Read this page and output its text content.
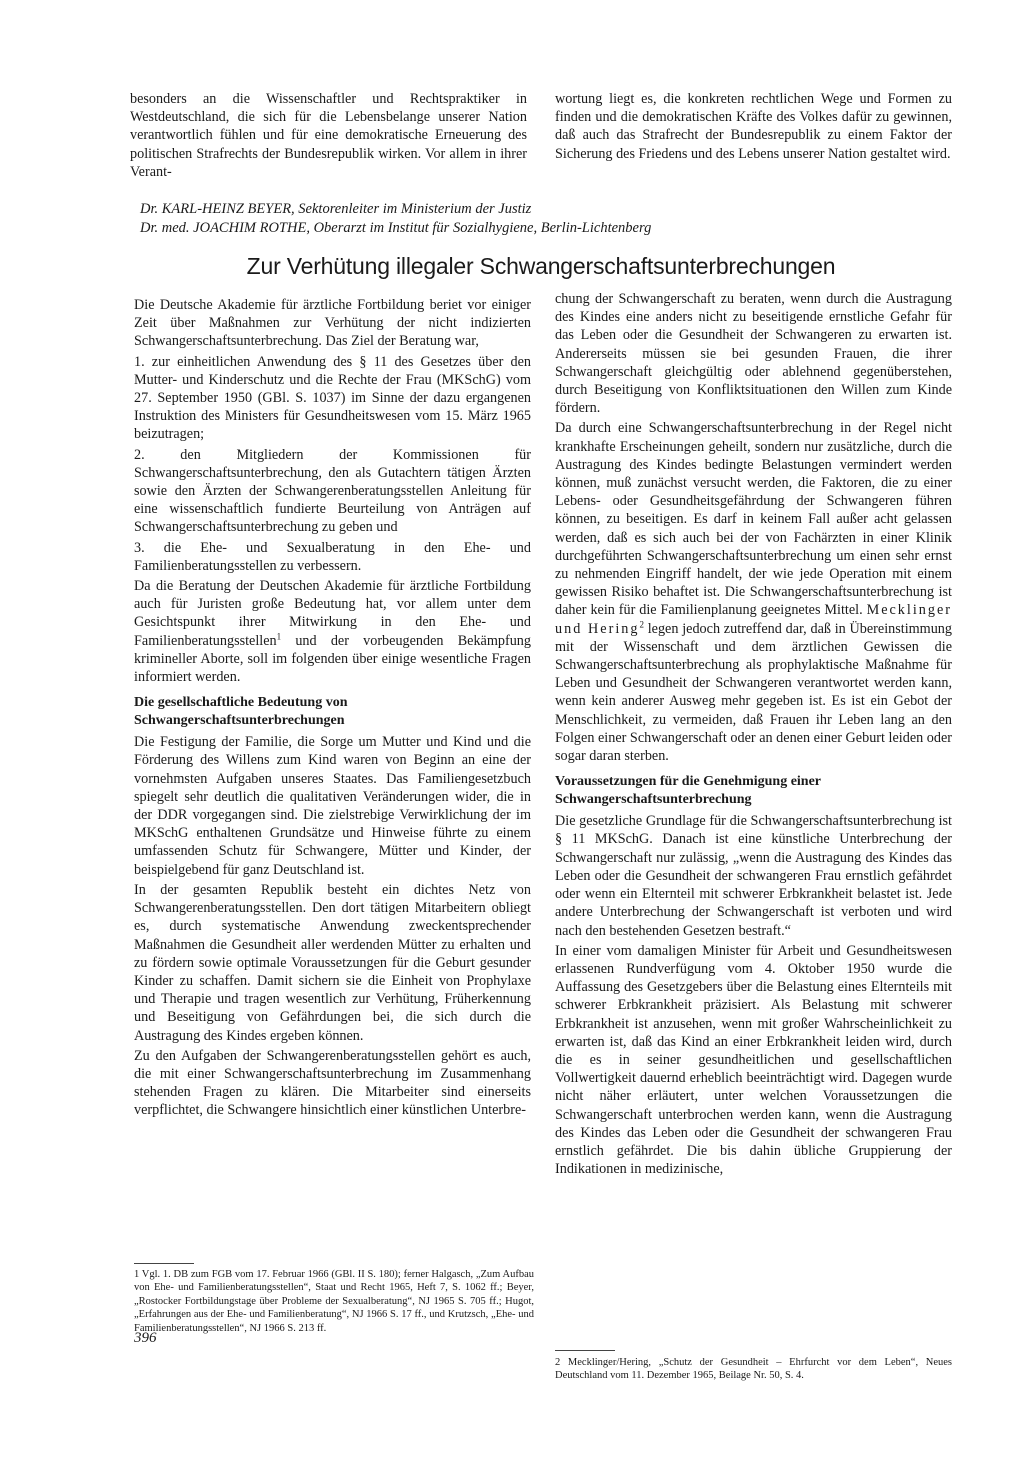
besonders an die Wissenschaftler und Rechtspraktiker in Westdeutschland, die sich für die Lebensbelange unserer Nation verantwortlich fühlen und für eine demokratische Erneuerung des politischen Strafrechts der Bundesrepublik wirken. Vor allem in ihrer Verant-

wortung liegt es, die konkreten rechtlichen Wege und Formen zu finden und die demokratischen Kräfte des Volkes dafür zu gewinnen, daß auch das Strafrecht der Bundesrepublik zu einem Faktor der Sicherung des Friedens und des Lebens unserer Nation gestaltet wird.

Dr. KARL-HEINZ BEYER, Sektorenleiter im Ministerium der Justiz
Dr. med. JOACHIM ROTHE, Oberarzt im Institut für Sozialhygiene, Berlin-Lichtenberg
Zur Verhütung illegaler Schwangerschaftsunterbrechungen

Die Deutsche Akademie für ärztliche Fortbildung beriet vor einiger Zeit über Maßnahmen zur Verhütung der nicht indizierten Schwangerschaftsunterbrechung. Das Ziel der Beratung war,

1. zur einheitlichen Anwendung des § 11 des Gesetzes über den Mutter- und Kinderschutz und die Rechte der Frau (MKSchG) vom 27. September 1950 (GBl. S. 1037) im Sinne der dazu ergangenen Instruktion des Ministers für Gesundheitswesen vom 15. März 1965 beizutragen;

2. den Mitgliedern der Kommissionen für Schwangerschaftsunterbrechung, den als Gutachtern tätigen Ärzten sowie den Ärzten der Schwangerenberatungsstellen Anleitung für eine wissenschaftlich fundierte Beurteilung von Anträgen auf Schwangerschaftsunterbrechung zu geben und

3. die Ehe- und Sexualberatung in den Ehe- und Familienberatungsstellen zu verbessern.

Da die Beratung der Deutschen Akademie für ärztliche Fortbildung auch für Juristen große Bedeutung hat, vor allem unter dem Gesichtspunkt ihrer Mitwirkung in den Ehe- und Familienberatungsstellen$^1$ und der vorbeugenden Bekämpfung krimineller Aborte, soll im folgenden über einige wesentliche Fragen informiert werden.

Die gesellschaftliche Bedeutung von Schwangerschaftsunterbrechungen

Die Festigung der Familie, die Sorge um Mutter und Kind und die Förderung des Willens zum Kind waren von Beginn an eine der vornehmsten Aufgaben unseres Staates. Das Familiengesetzbuch spiegelt sehr deutlich die qualitativen Veränderungen wider, die in der DDR vorgegangen sind. Die zielstrebige Verwirklichung der im MKSchG enthaltenen Grundsätze und Hinweise führte zu einem umfassenden Schutz für Schwangere, Mütter und Kinder, der beispielgebend für ganz Deutschland ist.

In der gesamten Republik besteht ein dichtes Netz von Schwangerenberatungsstellen. Den dort tätigen Mitarbeitern obliegt es, durch systematische Anwendung zweckentsprechender Maßnahmen die Gesundheit aller werdenden Mütter zu erhalten und zu fördern sowie optimale Voraussetzungen für die Geburt gesunder Kinder zu schaffen. Damit sichern sie die Einheit von Prophylaxe und Therapie und tragen wesentlich zur Verhütung, Früherkennung und Beseitigung von Gefährdungen bei, die sich durch die Austragung des Kindes ergeben können.

Zu den Aufgaben der Schwangerenberatungsstellen gehört es auch, die mit einer Schwangerschaftsunterbrechung im Zusammenhang stehenden Fragen zu klären. Die Mitarbeiter sind einerseits verpflichtet, die Schwangere hinsichtlich einer künstlichen Unterbre-

chung der Schwangerschaft zu beraten, wenn durch die Austragung des Kindes eine anders nicht zu beseitigende ernstliche Gefahr für das Leben oder die Gesundheit der Schwangeren zu erwarten ist. Andererseits müssen sie bei gesunden Frauen, die ihrer Schwangerschaft gleichgültig oder ablehnend gegenüberstehen, durch Beseitigung von Konfliktsituationen den Willen zum Kinde fördern.

Da durch eine Schwangerschaftsunterbrechung in der Regel nicht krankhafte Erscheinungen geheilt, sondern nur zusätzliche, durch die Austragung des Kindes bedingte Belastungen vermindert werden können, muß zunächst versucht werden, die Faktoren, die zu einer Lebens- oder Gesundheitsgefährdung der Schwangeren führen können, zu beseitigen. Es darf in keinem Fall außer acht gelassen werden, daß es sich auch bei der von Fachärzten in einer Klinik durchgeführten Schwangerschaftsunterbrechung um einen sehr ernst zu nehmenden Eingriff handelt, der wie jede Operation mit einem gewissen Risiko behaftet ist. Die Schwangerschaftsunterbrechung ist daher kein für die Familienplanung geeignetes Mittel. Mecklinger und Hering$^2$ legen jedoch zutreffend dar, daß in Übereinstimmung mit der Wissenschaft und dem ärztlichen Gewissen die Schwangerschaftsunterbrechung als prophylaktische Maßnahme für Leben und Gesundheit der Schwangeren verantwortet werden kann, wenn kein anderer Ausweg mehr gegeben ist. Es ist ein Gebot der Menschlichkeit, zu vermeiden, daß Frauen ihr Leben lang an den Folgen einer Schwangerschaft oder an denen einer Geburt leiden oder sogar daran sterben.

Voraussetzungen für die Genehmigung einer Schwangerschaftsunterbrechung

Die gesetzliche Grundlage für die Schwangerschaftsunterbrechung ist § 11 MKSchG. Danach ist eine künstliche Unterbrechung der Schwangerschaft nur zulässig, „wenn die Austragung des Kindes das Leben oder die Gesundheit der schwangeren Frau ernstlich gefährdet oder wenn ein Elternteil mit schwerer Erbkrankheit belastet ist. Jede andere Unterbrechung der Schwangerschaft ist verboten und wird nach den bestehenden Gesetzen bestraft.“

In einer vom damaligen Minister für Arbeit und Gesundheitswesen erlassenen Rundverfügung vom 4. Oktober 1950 wurde die Auffassung des Gesetzgebers über die Belastung eines Elternteils mit schwerer Erbkrankheit präzisiert. Als Belastung mit schwerer Erbkrankheit ist anzusehen, wenn mit großer Wahrscheinlichkeit zu erwarten ist, daß das Kind an einer Erbkrankheit leiden wird, durch die es in seiner gesundheitlichen und gesellschaftlichen Vollwertigkeit dauernd erheblich beeinträchtigt wird. Dagegen wurde nicht näher erläutert, unter welchen Voraussetzungen die Schwangerschaft unterbrochen werden kann, wenn die Austragung des Kindes das Leben oder die Gesundheit der schwangeren Frau ernstlich gefährdet. Die bis dahin übliche Gruppierung der Indikationen in medizinische,

1 Vgl. 1. DB zum FGB vom 17. Februar 1966 (GBl. II S. 180); ferner Halgasch, „Zum Aufbau von Ehe- und Familienberatungsstellen“, Staat und Recht 1965, Heft 7, S. 1062 ff.; Beyer, „Rostocker Fortbildungstage über Probleme der Sexualberatung“, NJ 1965 S. 705 ff.; Hugot, „Erfahrungen aus der Ehe- und Familienberatung“, NJ 1966 S. 17 ff., und Krutzsch, „Ehe- und Familienberatungsstellen“, NJ 1966 S. 213 ff.

2 Mecklinger/Hering, „Schutz der Gesundheit – Ehrfurcht vor dem Leben“, Neues Deutschland vom 11. Dezember 1965, Beilage Nr. 50, S. 4.

396
